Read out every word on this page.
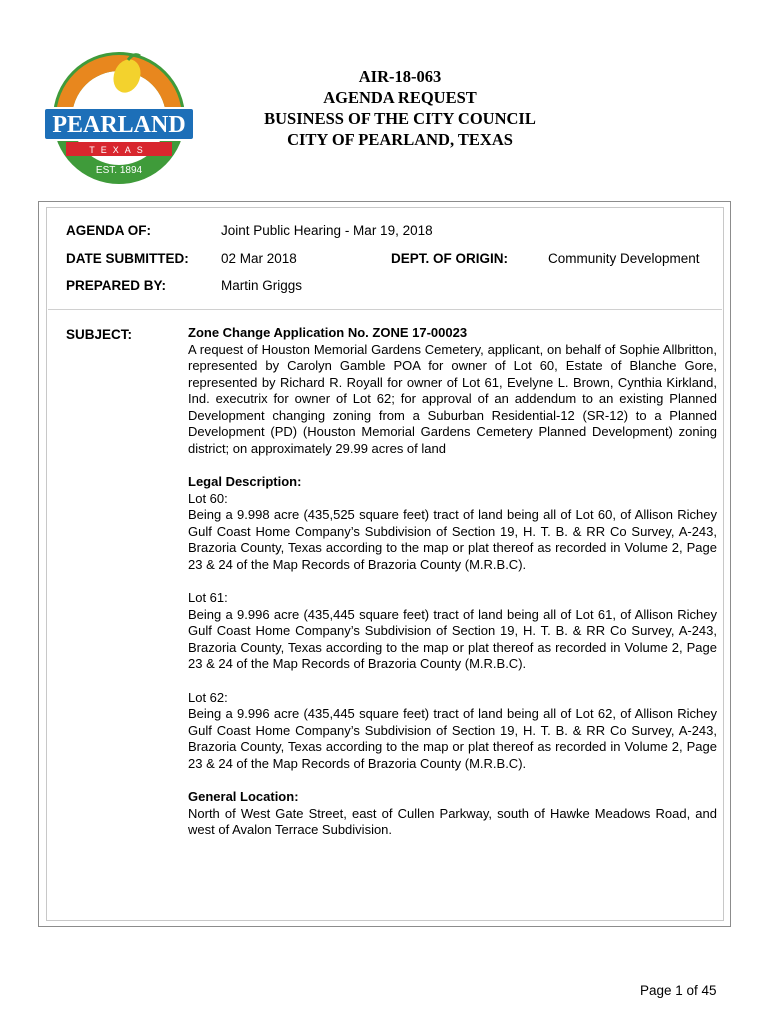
PEARLAND
TEXAS
EST. 1894
AIR-18-063
AGENDA REQUEST
BUSINESS OF THE CITY COUNCIL
CITY OF PEARLAND, TEXAS
AGENDA OF:	Joint Public Hearing - Mar 19, 2018
DATE SUBMITTED: 02 Mar 2018	DEPT. OF ORIGIN:	Community Development
PREPARED BY:	Martin Griggs
SUBJECT:	Zone Change Application No. ZONE 17-00023

A request of Houston Memorial Gardens Cemetery, applicant, on behalf of Sophie Allbritton, represented by Carolyn Gamble POA for owner of Lot 60, Estate of Blanche Gore, represented by Richard R. Royall for owner of Lot 61, Evelyne L. Brown, Cynthia Kirkland, Ind. executrix for owner of Lot 62; for approval of an addendum to an existing Planned Development changing zoning from a Suburban Residential-12 (SR-12) to a Planned Development (PD) (Houston Memorial Gardens Cemetery Planned Development) zoning district; on approximately 29.99 acres of land

Legal Description:

Lot 60:

Being a 9.998 acre (435,525 square feet) tract of land being all of Lot 60, of Allison Richey Gulf Coast Home Company’s Subdivision of Section 19, H. T. B. & RR Co Survey, A-243, Brazoria County, Texas according to the map or plat thereof as recorded in Volume 2, Page 23 & 24 of the Map Records of Brazoria County (M.R.B.C).

Lot 61:

Being a 9.996 acre (435,445 square feet) tract of land being all of Lot 61, of Allison Richey Gulf Coast Home Company’s Subdivision of Section 19, H. T. B. & RR Co Survey, A-243, Brazoria County, Texas according to the map or plat thereof as recorded in Volume 2, Page 23 & 24 of the Map Records of Brazoria County (M.R.B.C).

Lot 62:

Being a 9.996 acre (435,445 square feet) tract of land being all of Lot 62, of Allison Richey Gulf Coast Home Company’s Subdivision of Section 19, H. T. B. & RR Co Survey, A-243, Brazoria County, Texas according to the map or plat thereof as recorded in Volume 2, Page 23 & 24 of the Map Records of Brazoria County (M.R.B.C).

General Location:

North of West Gate Street, east of Cullen Parkway, south of Hawke Meadows Road, and west of Avalon Terrace Subdivision.

Page 1 of 45
